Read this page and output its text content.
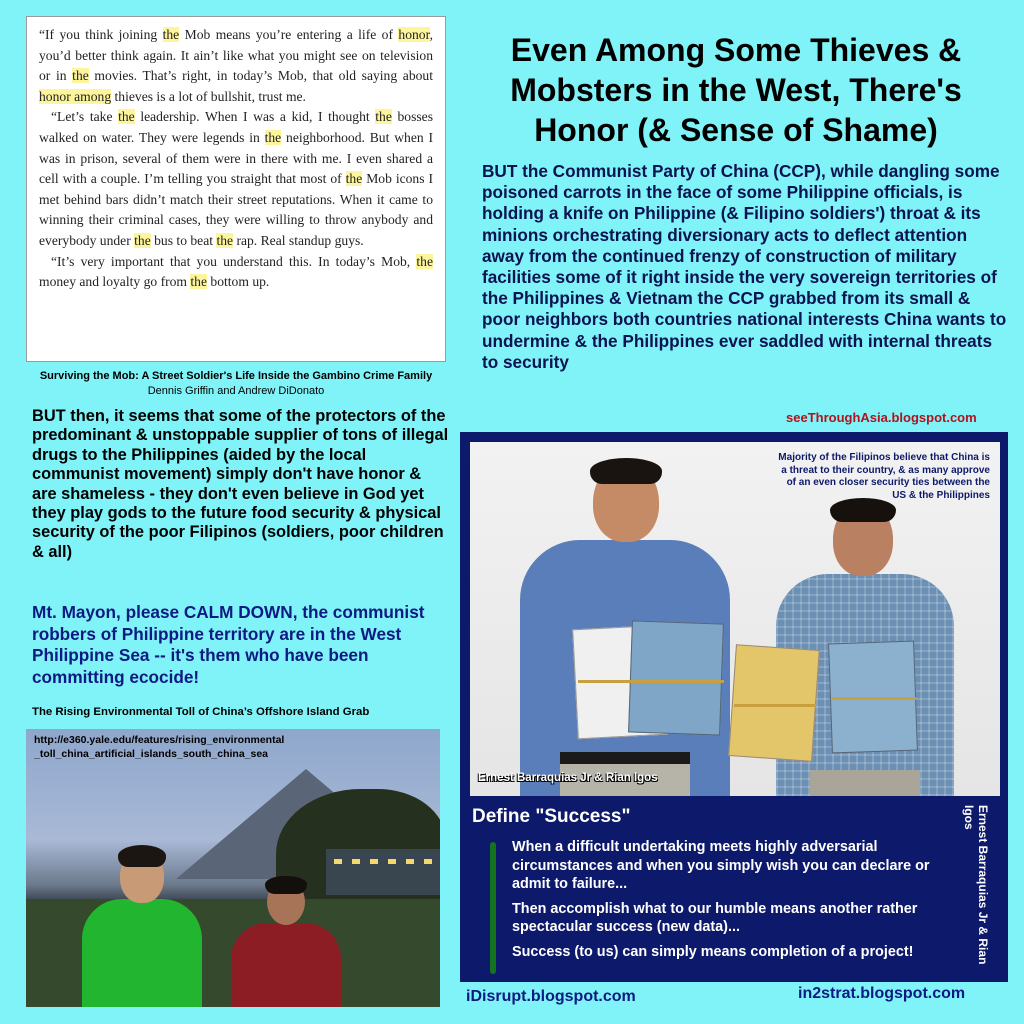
“If you think joining the Mob means you’re entering a life of honor, you’d better think again. It ain’t like what you might see on television or in the movies. That’s right, in today’s Mob, that old saying about honor among thieves is a lot of bullshit, trust me.

“Let’s take the leadership. When I was a kid, I thought the bosses walked on water. They were legends in the neighborhood. But when I was in prison, several of them were in there with me. I even shared a cell with a couple. I’m telling you straight that most of the Mob icons I met behind bars didn’t match their street reputations. When it came to winning their criminal cases, they were willing to throw anybody and everybody under the bus to beat the rap. Real standup guys.

“It’s very important that you understand this. In today’s Mob, the money and loyalty go from the bottom up.

Surviving the Mob: A Street Soldier's Life Inside the Gambino Crime Family
Dennis Griffin and Andrew DiDonato
BUT then, it seems that some of the protectors of the predominant & unstoppable supplier of tons of illegal drugs to the Philippines (aided by the local communist movement) simply don't have honor & are shameless - they don't even believe in God yet they play gods to the future food security & physical security of the poor Filipinos (soldiers, poor children & all)
Mt. Mayon, please CALM DOWN, the communist robbers of Philippine territory are in the West Philippine Sea -- it's them who have been committing ecocide!
The Rising Environmental Toll of China’s Offshore Island Grab
http://e360.yale.edu/features/rising_environmental
_toll_china_artificial_islands_south_china_sea
iDisrupt.blogspot.com	in2strat.blogspot.com
Even Among Some Thieves & Mobsters in the West, There's Honor (& Sense of Shame)
BUT the Communist Party of China (CCP), while dangling some poisoned carrots in the face of some Philippine officials, is holding a knife on Philippine (& Filipino soldiers') throat & its minions orchestrating diversionary acts to deflect attention away from the continued frenzy of construction of military facilities some of it right inside the very sovereign territories of the Philippines & Vietnam the CCP grabbed from its small & poor neighbors both countries national interests China wants to undermine & the Philippines ever saddled with internal threats to security
seeThroughAsia.blogspot.com
Majority of the Filipinos believe that China is a threat to their country, & as many approve of an even closer security ties between the US & the Philippines
Ernest Barraquias Jr & Rian Igos
Define "Success"

When a difficult undertaking meets highly adversarial circumstances and when you simply wish you can declare or admit to failure...

Then accomplish what to our humble means another rather spectacular success (new data)...

Success (to us) can simply means completion of a project!	Ernest Barraquias Jr & Rian Igos
